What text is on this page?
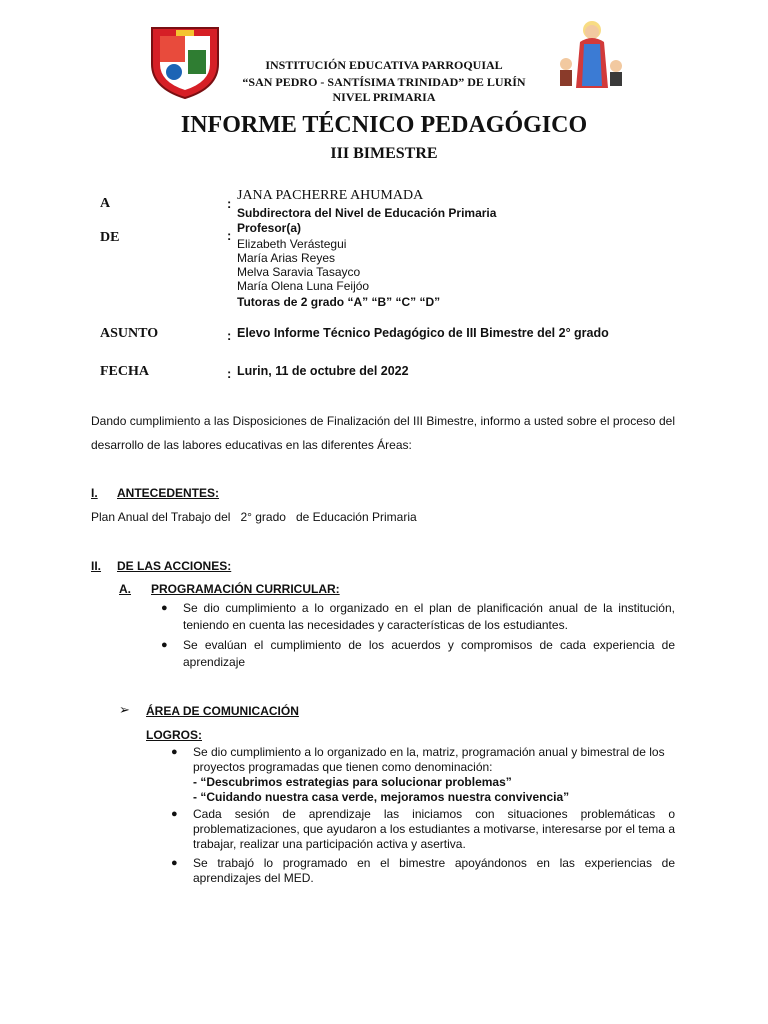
INSTITUCIÓN EDUCATIVA PARROQUIAL
“SAN PEDRO - SANTÍSIMA TRINIDAD” DE LURÍN
NIVEL PRIMARIA
INFORME TÉCNICO PEDAGÓGICO
III BIMESTRE
A	:
JANA PACHERRE AHUMADA
Subdirectora del Nivel de Educación Primaria
DE	: Profesor(a)
Elizabeth Verástegui
María Arias Reyes
Melva Saravia Tasayco
María Olena Luna Feijóo
Tutoras de 2 grado “A” “B” “C” “D”
ASUNTO	: Elevo Informe Técnico Pedagógico de III Bimestre del 2° grado
FECHA	: Lurin, 11 de octubre del 2022
Dando cumplimiento a las Disposiciones de Finalización del III Bimestre, informo a usted sobre el proceso del desarrollo de las labores educativas en las diferentes Áreas:
I. ANTECEDENTES:
Plan Anual del Trabajo del   2° grado   de Educación Primaria
II. DE LAS ACCIONES:
A. PROGRAMACIÓN CURRICULAR:
● Se dio cumplimiento a lo organizado en el plan de planificación anual de la institución, teniendo en cuenta las necesidades y características de los estudiantes.
● Se evalúan el cumplimiento de los acuerdos y compromisos de cada experiencia de aprendizaje
➢ ÁREA DE COMUNICACIÓN
LOGROS:
● Se dio cumplimiento a lo organizado en la, matriz, programación anual y bimestral de los proyectos programadas que tienen como denominación:
- “Descubrimos estrategias para solucionar problemas”
- “Cuidando nuestra casa verde, mejoramos nuestra convivencia”
● Cada sesión de aprendizaje las iniciamos con situaciones problemáticas o problematizaciones, que ayudaron a los estudiantes a motivarse, interesarse por el tema a trabajar, realizar una participación activa y asertiva.
● Se trabajó lo programado en el bimestre apoyándonos en las experiencias de aprendizajes del MED.
